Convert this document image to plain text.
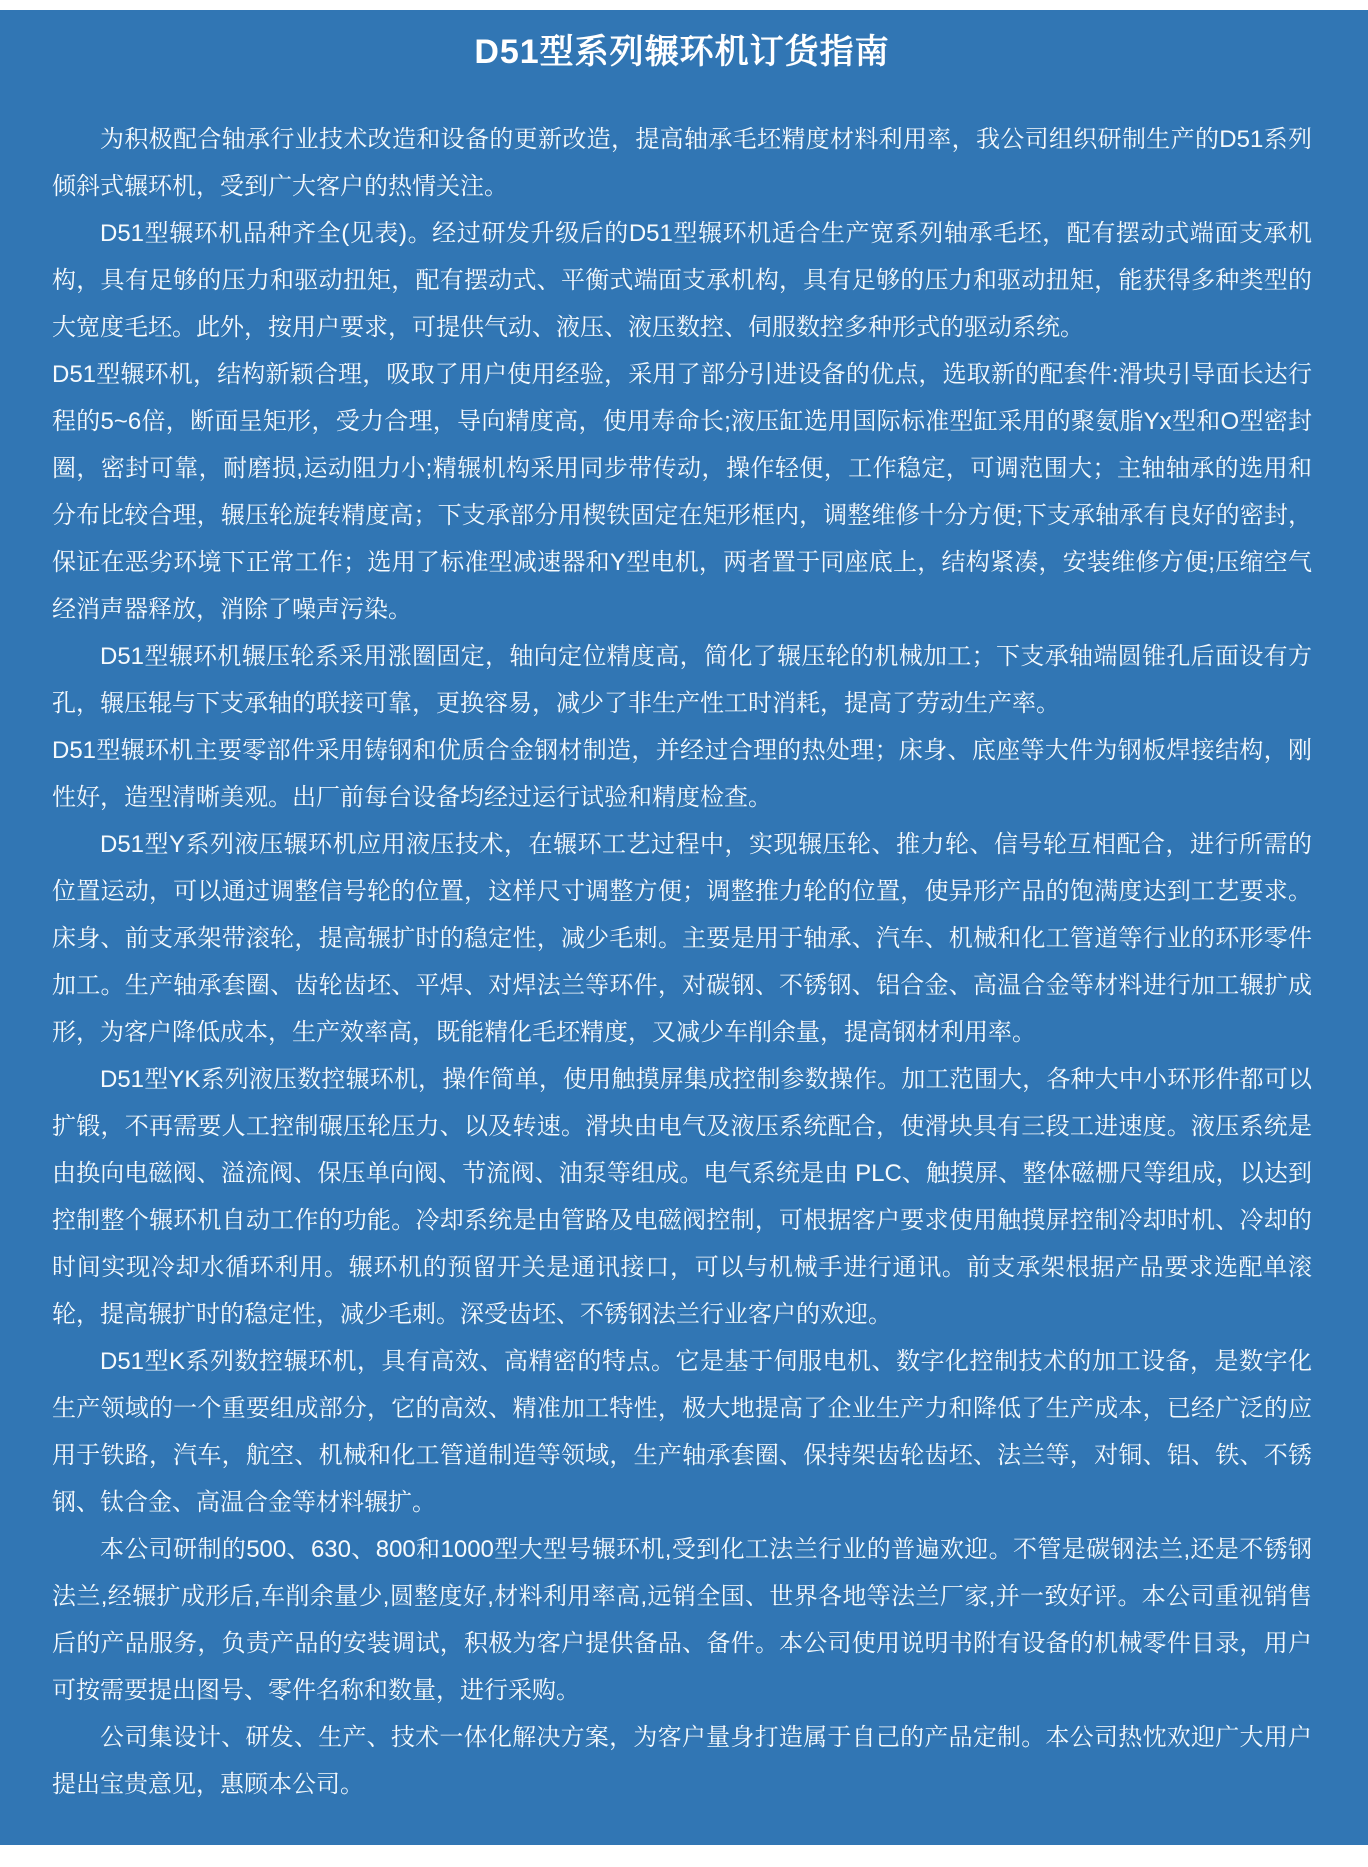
D51型系列辗环机订货指南

为积极配合轴承行业技术改造和设备的更新改造，提高轴承毛坯精度材料利用率，我公司组织研制生产的D51系列倾斜式辗环机，受到广大客户的热情关注。

D51型辗环机品种齐全(见表)。经过研发升级后的D51型辗环机适合生产宽系列轴承毛坯，配有摆动式端面支承机构，具有足够的压力和驱动扭矩，配有摆动式、平衡式端面支承机构，具有足够的压力和驱动扭矩，能获得多种类型的大宽度毛坯。此外，按用户要求，可提供气动、液压、液压数控、伺服数控多种形式的驱动系统。

D51型辗环机，结构新颖合理，吸取了用户使用经验，采用了部分引进设备的优点，选取新的配套件:滑块引导面长达行程的5~6倍，断面呈矩形，受力合理，导向精度高，使用寿命长;液压缸选用国际标准型缸采用的聚氨脂Yx型和O型密封圈，密封可靠，耐磨损,运动阻力小;精辗机构采用同步带传动，操作轻便，工作稳定，可调范围大；主轴轴承的选用和分布比较合理，辗压轮旋转精度高；下支承部分用楔铁固定在矩形框内，调整维修十分方便;下支承轴承有良好的密封，保证在恶劣环境下正常工作；选用了标准型减速器和Y型电机，两者置于同座底上，结构紧凑，安装维修方便;压缩空气经消声器释放，消除了噪声污染。

D51型辗环机辗压轮系采用涨圈固定，轴向定位精度高，简化了辗压轮的机械加工；下支承轴端圆锥孔后面设有方孔，辗压辊与下支承轴的联接可靠，更换容易，减少了非生产性工时消耗，提高了劳动生产率。

D51型辗环机主要零部件采用铸钢和优质合金钢材制造，并经过合理的热处理；床身、底座等大件为钢板焊接结构，刚性好，造型清晰美观。出厂前每台设备均经过运行试验和精度检查。

D51型Y系列液压辗环机应用液压技术，在辗环工艺过程中，实现辗压轮、推力轮、信号轮互相配合，进行所需的位置运动，可以通过调整信号轮的位置，这样尺寸调整方便；调整推力轮的位置，使异形产品的饱满度达到工艺要求。床身、前支承架带滚轮，提高辗扩时的稳定性，减少毛刺。主要是用于轴承、汽车、机械和化工管道等行业的环形零件加工。生产轴承套圈、齿轮齿坯、平焊、对焊法兰等环件，对碳钢、不锈钢、铝合金、高温合金等材料进行加工辗扩成形，为客户降低成本，生产效率高，既能精化毛坯精度，又减少车削余量，提高钢材利用率。

D51型YK系列液压数控辗环机，操作简单，使用触摸屏集成控制参数操作。加工范围大，各种大中小环形件都可以扩锻，不再需要人工控制碾压轮压力、以及转速。滑块由电气及液压系统配合，使滑块具有三段工进速度。液压系统是由换向电磁阀、溢流阀、保压单向阀、节流阀、油泵等组成。电气系统是由 PLC、触摸屏、整体磁栅尺等组成，以达到控制整个辗环机自动工作的功能。冷却系统是由管路及电磁阀控制，可根据客户要求使用触摸屏控制冷却时机、冷却的时间实现冷却水循环利用。辗环机的预留开关是通讯接口，可以与机械手进行通讯。前支承架根据产品要求选配单滚轮，提高辗扩时的稳定性，减少毛刺。深受齿坯、不锈钢法兰行业客户的欢迎。

D51型K系列数控辗环机，具有高效、高精密的特点。它是基于伺服电机、数字化控制技术的加工设备，是数字化生产领域的一个重要组成部分，它的高效、精准加工特性，极大地提高了企业生产力和降低了生产成本，已经广泛的应用于铁路，汽车，航空、机械和化工管道制造等领域，生产轴承套圈、保持架齿轮齿坯、法兰等，对铜、铝、铁、不锈钢、钛合金、高温合金等材料辗扩。

本公司研制的500、630、800和1000型大型号辗环机,受到化工法兰行业的普遍欢迎。不管是碳钢法兰,还是不锈钢法兰,经辗扩成形后,车削余量少,圆整度好,材料利用率高,远销全国、世界各地等法兰厂家,并一致好评。本公司重视销售后的产品服务，负责产品的安装调试，积极为客户提供备品、备件。本公司使用说明书附有设备的机械零件目录，用户可按需要提出图号、零件名称和数量，进行采购。

公司集设计、研发、生产、技术一体化解决方案，为客户量身打造属于自己的产品定制。本公司热忱欢迎广大用户提出宝贵意见，惠顾本公司。
